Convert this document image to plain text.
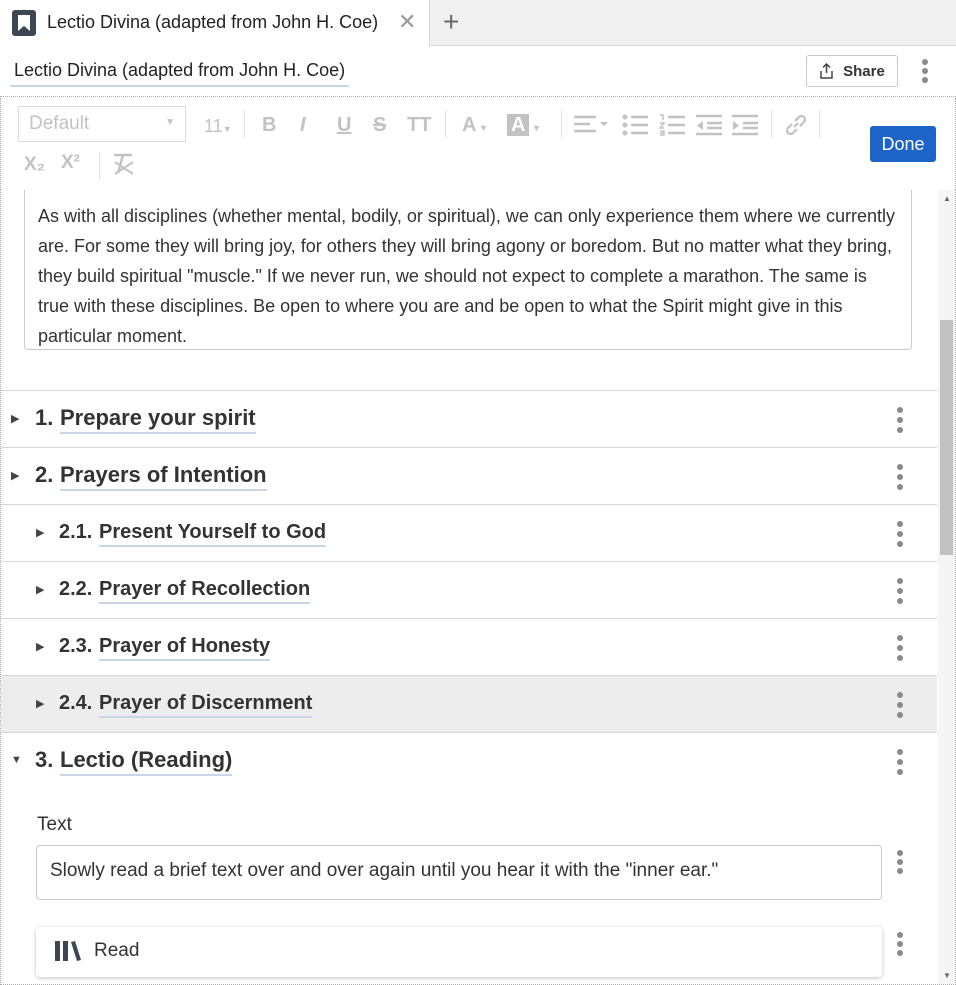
Lectio Divina (adapted from John H. Coe) ✕ +
Lectio Divina (adapted from John H. Coe)	Share
Default	▼ 11▼ B I U S TT A ▼ A ▼
X₂ X²
Done
As with all disciplines (whether mental, bodily, or spiritual), we can only experience them where we currently are. For some they will bring joy, for others they will bring agony or boredom. But no matter what they bring, they build spiritual "muscle." If we never run, we should not expect to complete a marathon. The same is true with these disciplines. Be open to where you are and be open to what the Spirit might give in this particular moment.
▶ 1. Prepare your spirit
▶ 2. Prayers of Intention
▶ 2.1. Present Yourself to God
▶ 2.2. Prayer of Recollection
▶ 2.3. Prayer of Honesty
▶ 2.4. Prayer of Discernment
▼ 3. Lectio (Reading)
Text
Slowly read a brief text over and over again until you hear it with the "inner ear."
Read
▲
▼
